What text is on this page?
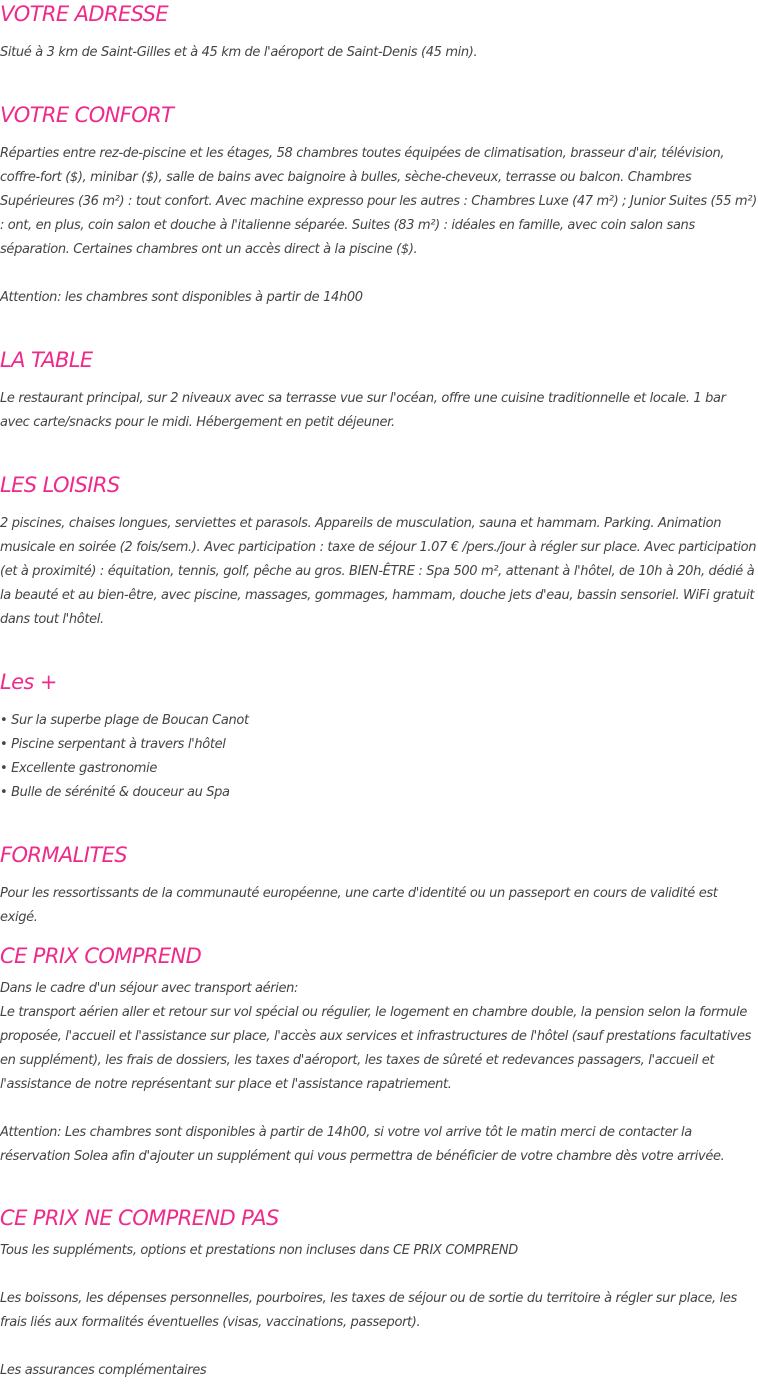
VOTRE ADRESSE

Situé à 3 km de Saint-Gilles et à 45 km de l'aéroport de Saint-Denis (45 min).

VOTRE CONFORT

Réparties entre rez-de-piscine et les étages, 58 chambres toutes équipées de climatisation, brasseur d'air, télévision, coffre-fort ($), minibar ($), salle de bains avec baignoire à bulles, sèche-cheveux, terrasse ou balcon. Chambres Supérieures (36 m²) : tout confort. Avec machine expresso pour les autres : Chambres Luxe (47 m²) ; Junior Suites (55 m²) : ont, en plus, coin salon et douche à l'italienne séparée. Suites (83 m²) : idéales en famille, avec coin salon sans séparation. Certaines chambres ont un accès direct à la piscine ($).

Attention: les chambres sont disponibles à partir de 14h00

LA TABLE

Le restaurant principal, sur 2 niveaux avec sa terrasse vue sur l'océan, offre une cuisine traditionnelle et locale. 1 bar avec carte/snacks pour le midi. Hébergement en petit déjeuner.

LES LOISIRS

2 piscines, chaises longues, serviettes et parasols. Appareils de musculation, sauna et hammam. Parking. Animation musicale en soirée (2 fois/sem.). Avec participation : taxe de séjour 1.07 € /pers./jour à régler sur place. Avec participation (et à proximité) : équitation, tennis, golf, pêche au gros. BIEN-ÊTRE : Spa 500 m², attenant à l'hôtel, de 10h à 20h, dédié à la beauté et au bien-être, avec piscine, massages, gommages, hammam, douche jets d'eau, bassin sensoriel. WiFi gratuit dans tout l'hôtel.

Les +
• Sur la superbe plage de Boucan Canot
• Piscine serpentant à travers l'hôtel
• Excellente gastronomie
• Bulle de sérénité & douceur au Spa
FORMALITES

Pour les ressortissants de la communauté européenne, une carte d'identité ou un passeport en cours de validité est exigé.

CE PRIX COMPREND

Dans le cadre d'un séjour avec transport aérien:

Le transport aérien aller et retour sur vol spécial ou régulier, le logement en chambre double, la pension selon la formule proposée, l'accueil et l'assistance sur place, l'accès aux services et infrastructures de l'hôtel (sauf prestations facultatives en supplément), les frais de dossiers, les taxes d'aéroport, les taxes de sûreté et redevances passagers, l'accueil et l'assistance de notre représentant sur place et l'assistance rapatriement.

Attention: Les chambres sont disponibles à partir de 14h00, si votre vol arrive tôt le matin merci de contacter la réservation Solea afin d'ajouter un supplément qui vous permettra de bénéficier de votre chambre dès votre arrivée.

CE PRIX NE COMPREND PAS

Tous les suppléments, options et prestations non incluses dans CE PRIX COMPREND

Les boissons, les dépenses personnelles, pourboires, les taxes de séjour ou de sortie du territoire à régler sur place, les frais liés aux formalités éventuelles (visas, vaccinations, passeport).

Les assurances complémentaires
